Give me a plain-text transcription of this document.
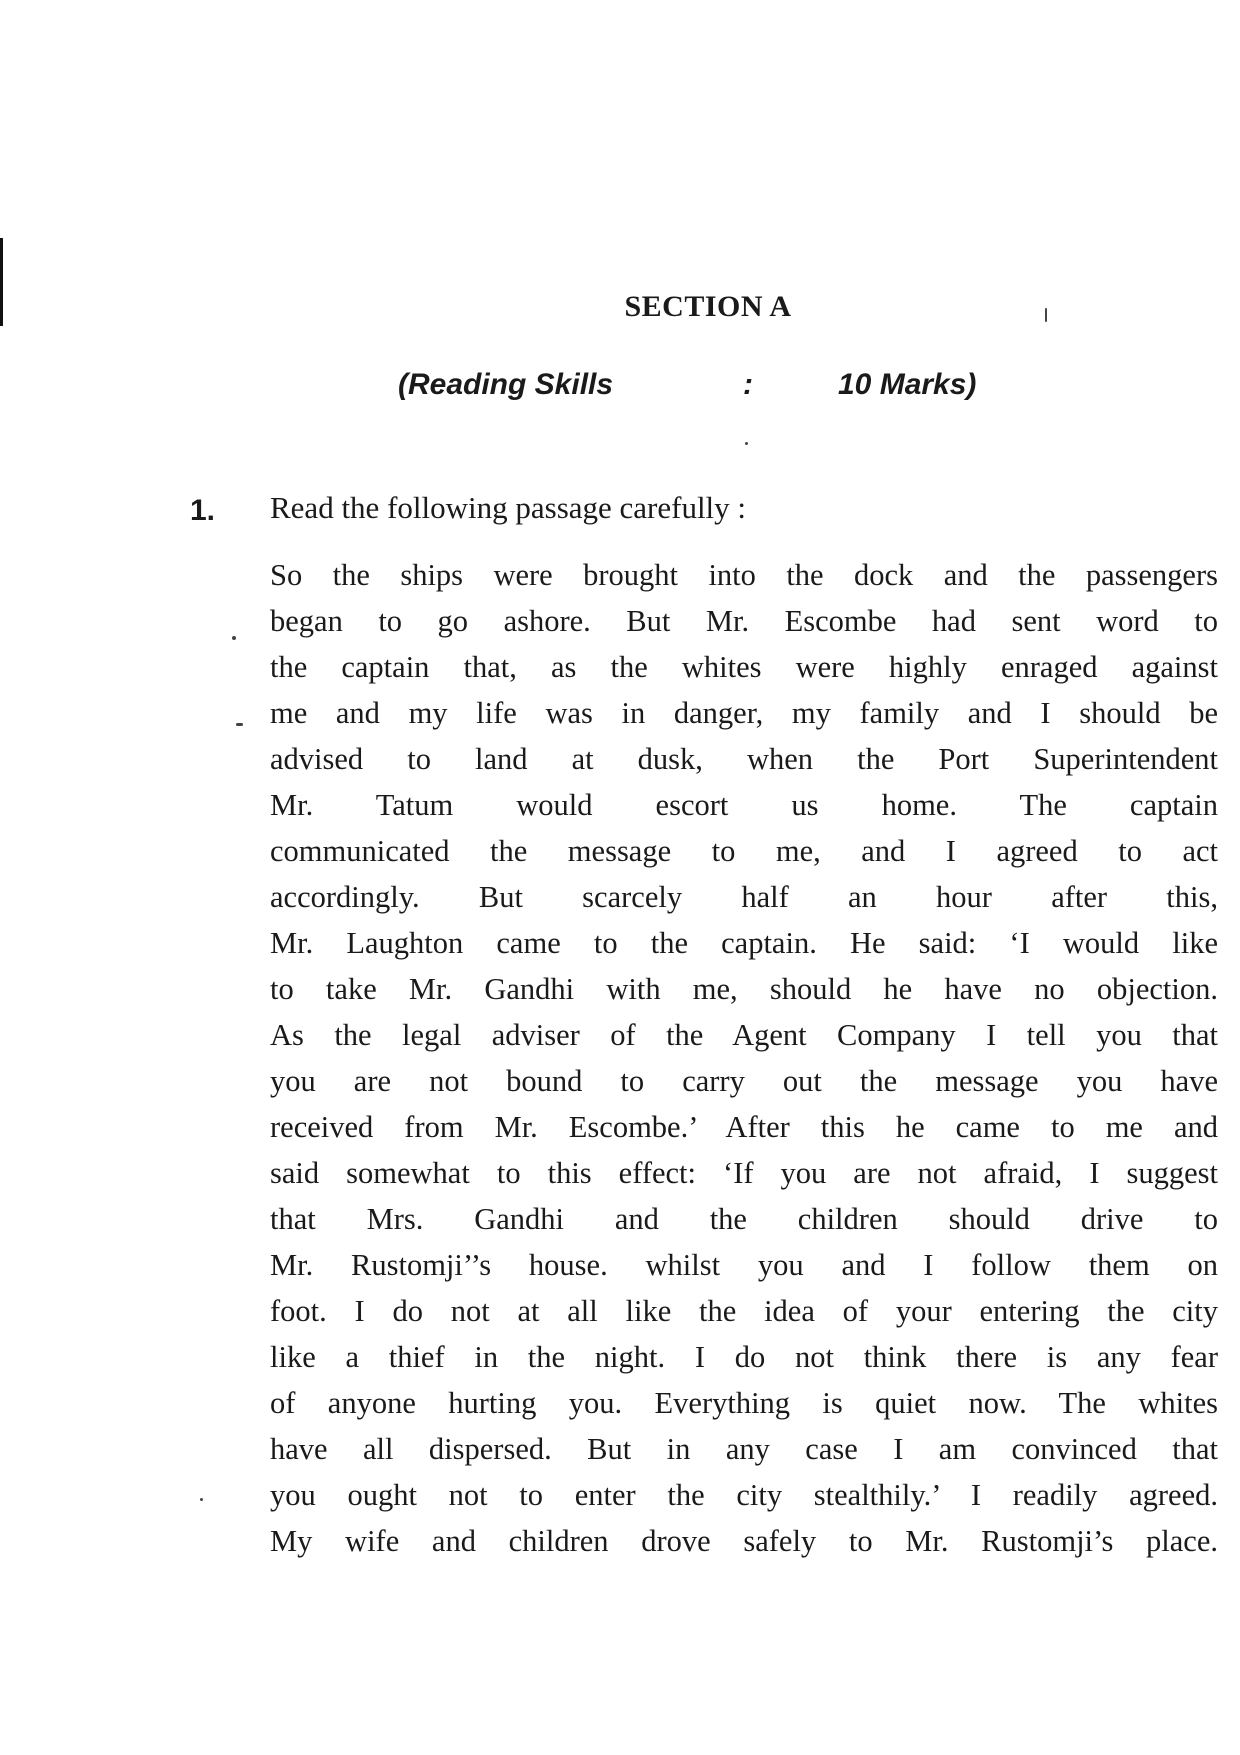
SECTION A

(Reading Skills

	:

	10 Marks)

1. Read the following passage carefully :
So the ships were brought into the dock and the passengers
began to go ashore. But Mr. Escombe had sent word to
the captain that, as the whites were highly enraged against
me and my life was in danger, my family and I should be
advised to land at dusk, when the Port Superintendent
Mr. Tatum would escort us home. The captain
communicated the message to me, and I agreed to act
accordingly. But scarcely half an hour after this,
Mr. Laughton came to the captain. He said: ‘I would like
to take Mr. Gandhi with me, should he have no objection.
As the legal adviser of the Agent Company I tell you that
you are not bound to carry out the message you have
received from Mr. Escombe.’ After this he came to me and
said somewhat to this effect: ‘If you are not afraid, I suggest
that Mrs. Gandhi and the children should drive to
Mr. Rustomji’’s house. whilst you and I follow them on
foot. I do not at all like the idea of your entering the city
like a thief in the night. I do not think there is any fear
of anyone hurting you. Everything is quiet now. The whites
have all dispersed. But in any case I am convinced that
you ought not to enter the city stealthily.’ I readily agreed.
My wife and children drove safely to Mr. Rustomji’s place.
